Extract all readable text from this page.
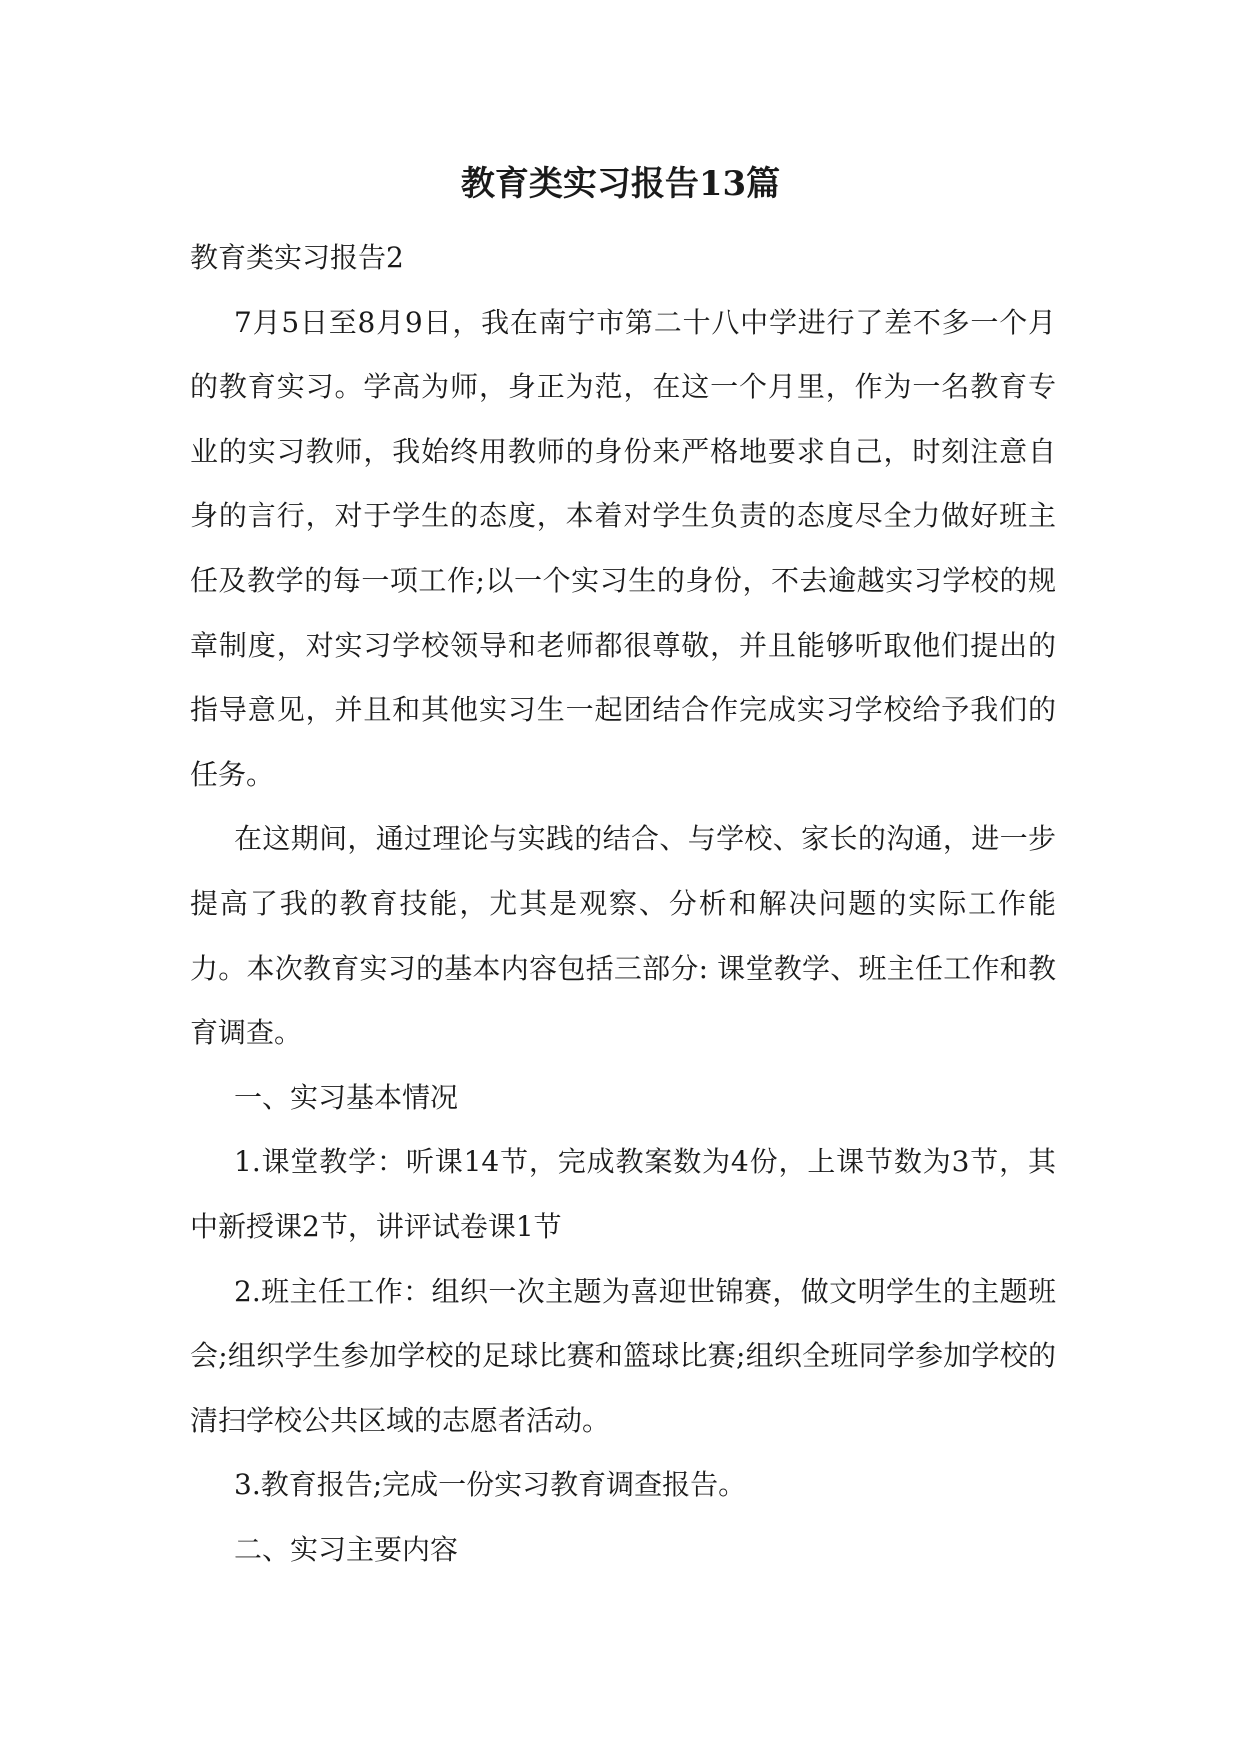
教育类实习报告13篇

教育类实习报告2

7月5日至8月9日，我在南宁市第二十八中学进行了差不多一个月的教育实习。学高为师，身正为范，在这一个月里，作为一名教育专业的实习教师，我始终用教师的身份来严格地要求自己，时刻注意自身的言行，对于学生的态度，本着对学生负责的态度尽全力做好班主任及教学的每一项工作;以一个实习生的身份，不去逾越实习学校的规章制度，对实习学校领导和老师都很尊敬，并且能够听取他们提出的指导意见，并且和其他实习生一起团结合作完成实习学校给予我们的任务。

在这期间，通过理论与实践的结合、与学校、家长的沟通，进一步提高了我的教育技能，尤其是观察、分析和解决问题的实际工作能力。本次教育实习的基本内容包括三部分: 课堂教学、班主任工作和教育调查。

一、实习基本情况

1.课堂教学：听课14节，完成教案数为4份，上课节数为3节，其中新授课2节，讲评试卷课1节

2.班主任工作：组织一次主题为喜迎世锦赛，做文明学生的主题班会;组织学生参加学校的足球比赛和篮球比赛;组织全班同学参加学校的清扫学校公共区域的志愿者活动。

3.教育报告;完成一份实习教育调查报告。

二、实习主要内容
